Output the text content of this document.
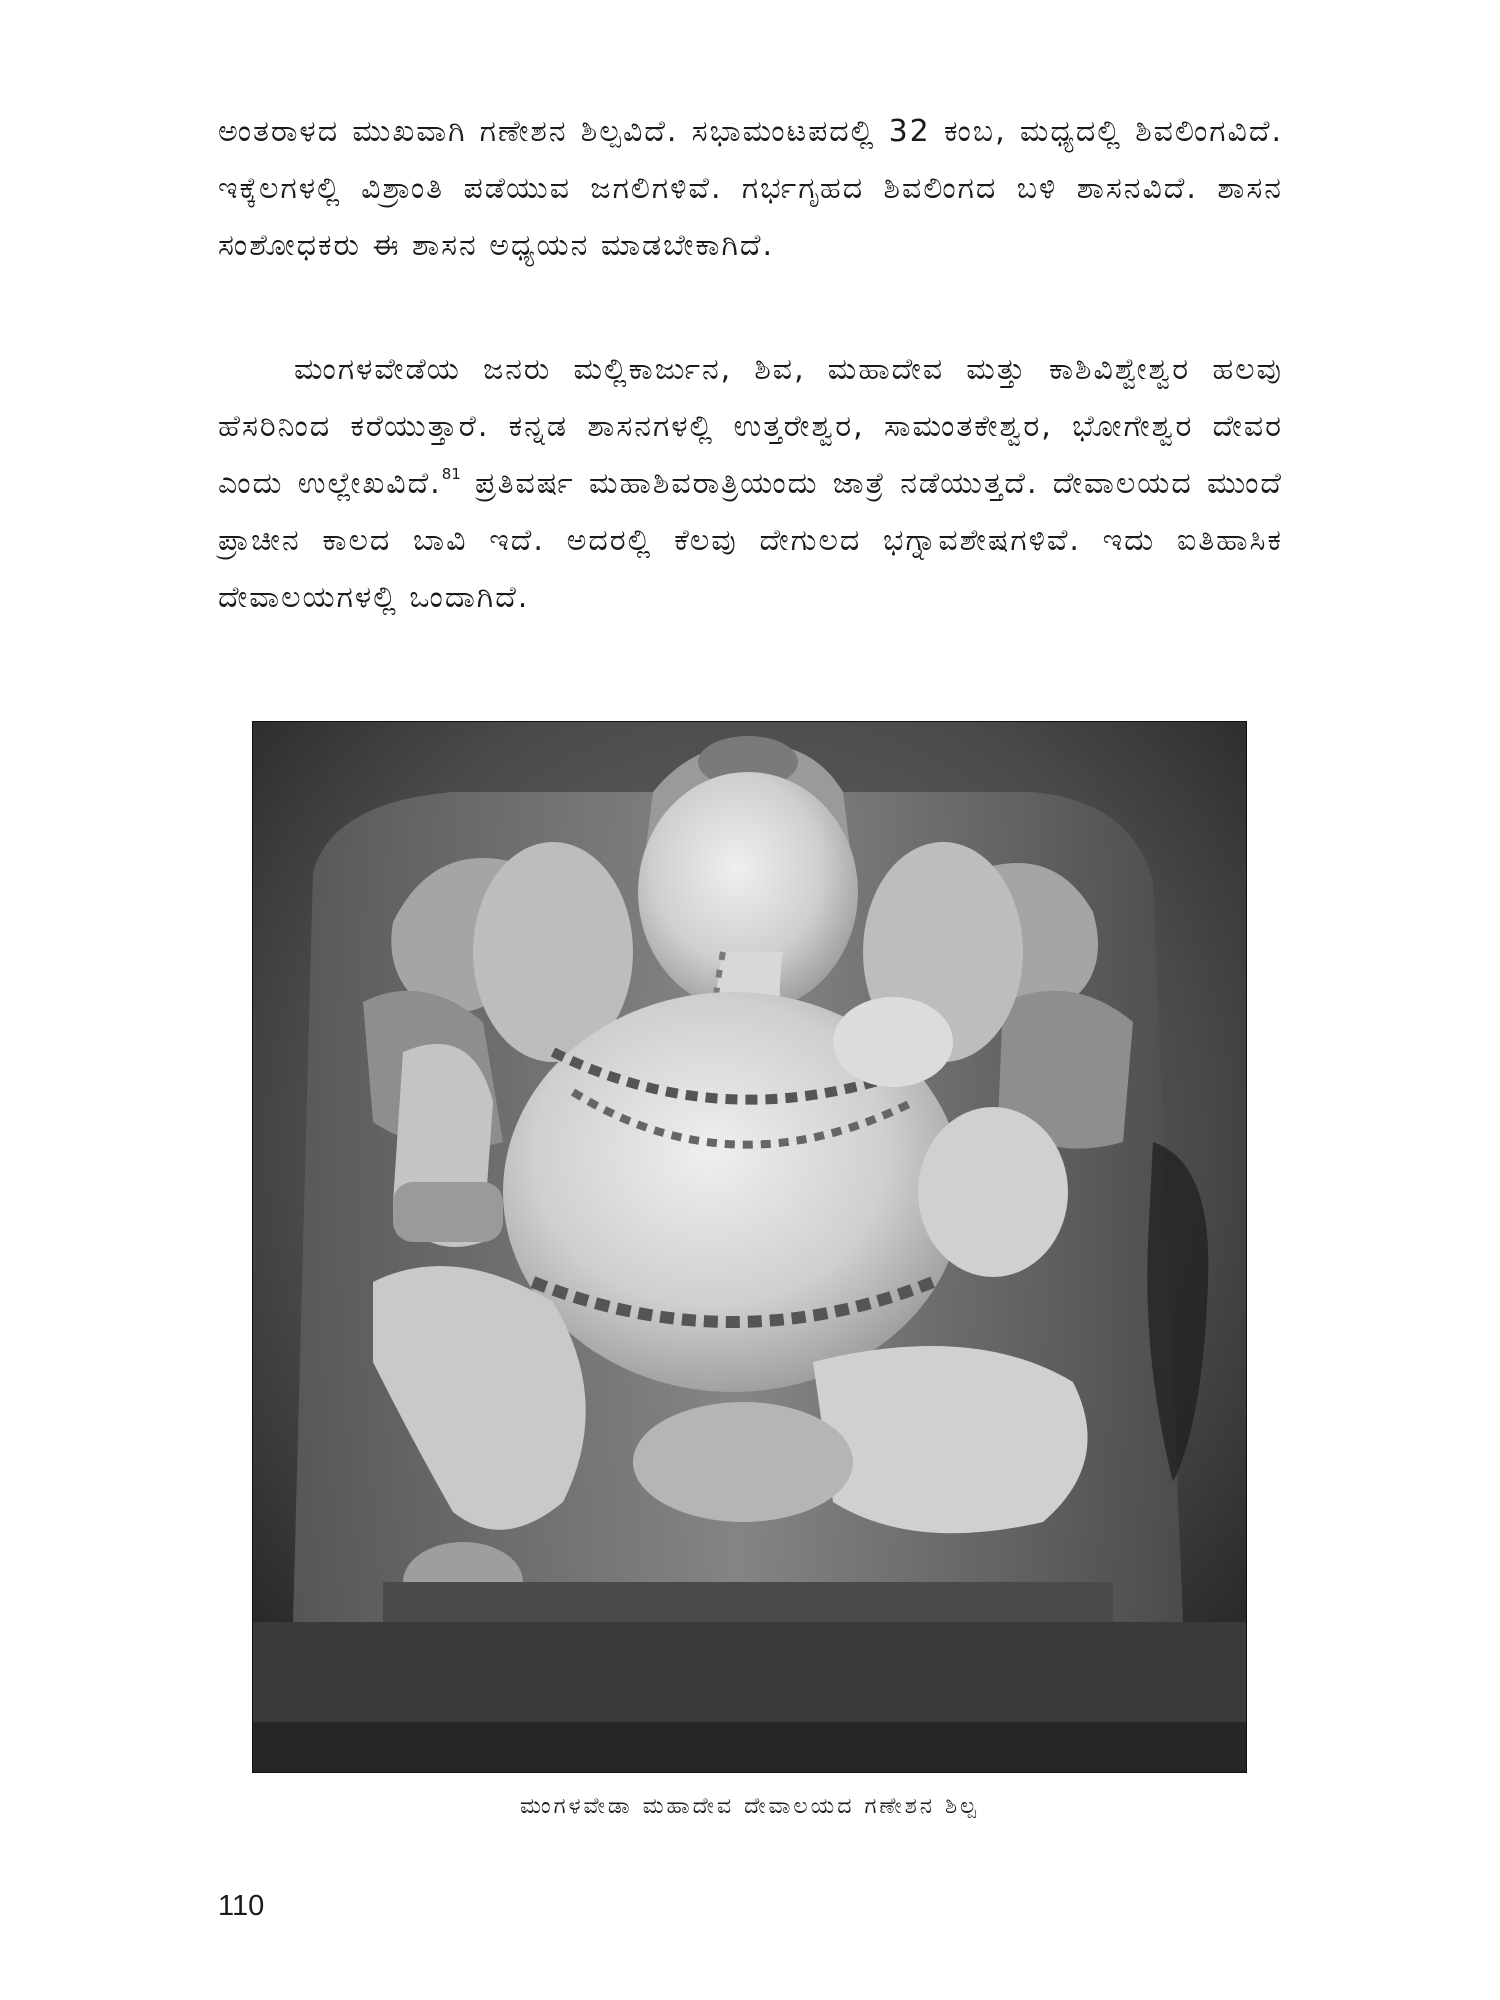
ಅಂತರಾಳದ ಮುಖವಾಗಿ ಗಣೇಶನ ಶಿಲ್ಪವಿದೆ. ಸಭಾಮಂಟಪದಲ್ಲಿ 32 ಕಂಬ, ಮಧ್ಯದಲ್ಲಿ ಶಿವಲಿಂಗವಿದೆ. ಇಕ್ಕೆಲಗಳಲ್ಲಿ ವಿಶ್ರಾಂತಿ ಪಡೆಯುವ ಜಗಲಿಗಳಿವೆ. ಗರ್ಭಗೃಹದ ಶಿವಲಿಂಗದ ಬಳಿ ಶಾಸನವಿದೆ. ಶಾಸನ ಸಂಶೋಧಕರು ಈ ಶಾಸನ ಅಧ್ಯಯನ ಮಾಡಬೇಕಾಗಿದೆ.

ಮಂಗಳವೇಡೆಯ ಜನರು ಮಲ್ಲಿಕಾರ್ಜುನ, ಶಿವ, ಮಹಾದೇವ ಮತ್ತು ಕಾಶಿವಿಶ್ವೇಶ್ವರ ಹಲವು ಹೆಸರಿನಿಂದ ಕರೆಯುತ್ತಾರೆ. ಕನ್ನಡ ಶಾಸನಗಳಲ್ಲಿ ಉತ್ತರೇಶ್ವರ, ಸಾಮಂತಕೇಶ್ವರ, ಭೋಗೇಶ್ವರ ದೇವರ ಎಂದು ಉಲ್ಲೇಖವಿದೆ.$^{81}$ ಪ್ರತಿವರ್ಷ ಮಹಾಶಿವರಾತ್ರಿಯಂದು ಜಾತ್ರೆ ನಡೆಯುತ್ತದೆ. ದೇವಾಲಯದ ಮುಂದೆ ಪ್ರಾಚೀನ ಕಾಲದ ಬಾವಿ ಇದೆ. ಅದರಲ್ಲಿ ಕೆಲವು ದೇಗುಲದ ಭಗ್ನಾವಶೇಷಗಳಿವೆ. ಇದು ಐತಿಹಾಸಿಕ ದೇವಾಲಯಗಳಲ್ಲಿ ಒಂದಾಗಿದೆ.

ಮಂಗಳವೇಡಾ ಮಹಾದೇವ ದೇವಾಲಯದ ಗಣೇಶನ ಶಿಲ್ಪ

110
